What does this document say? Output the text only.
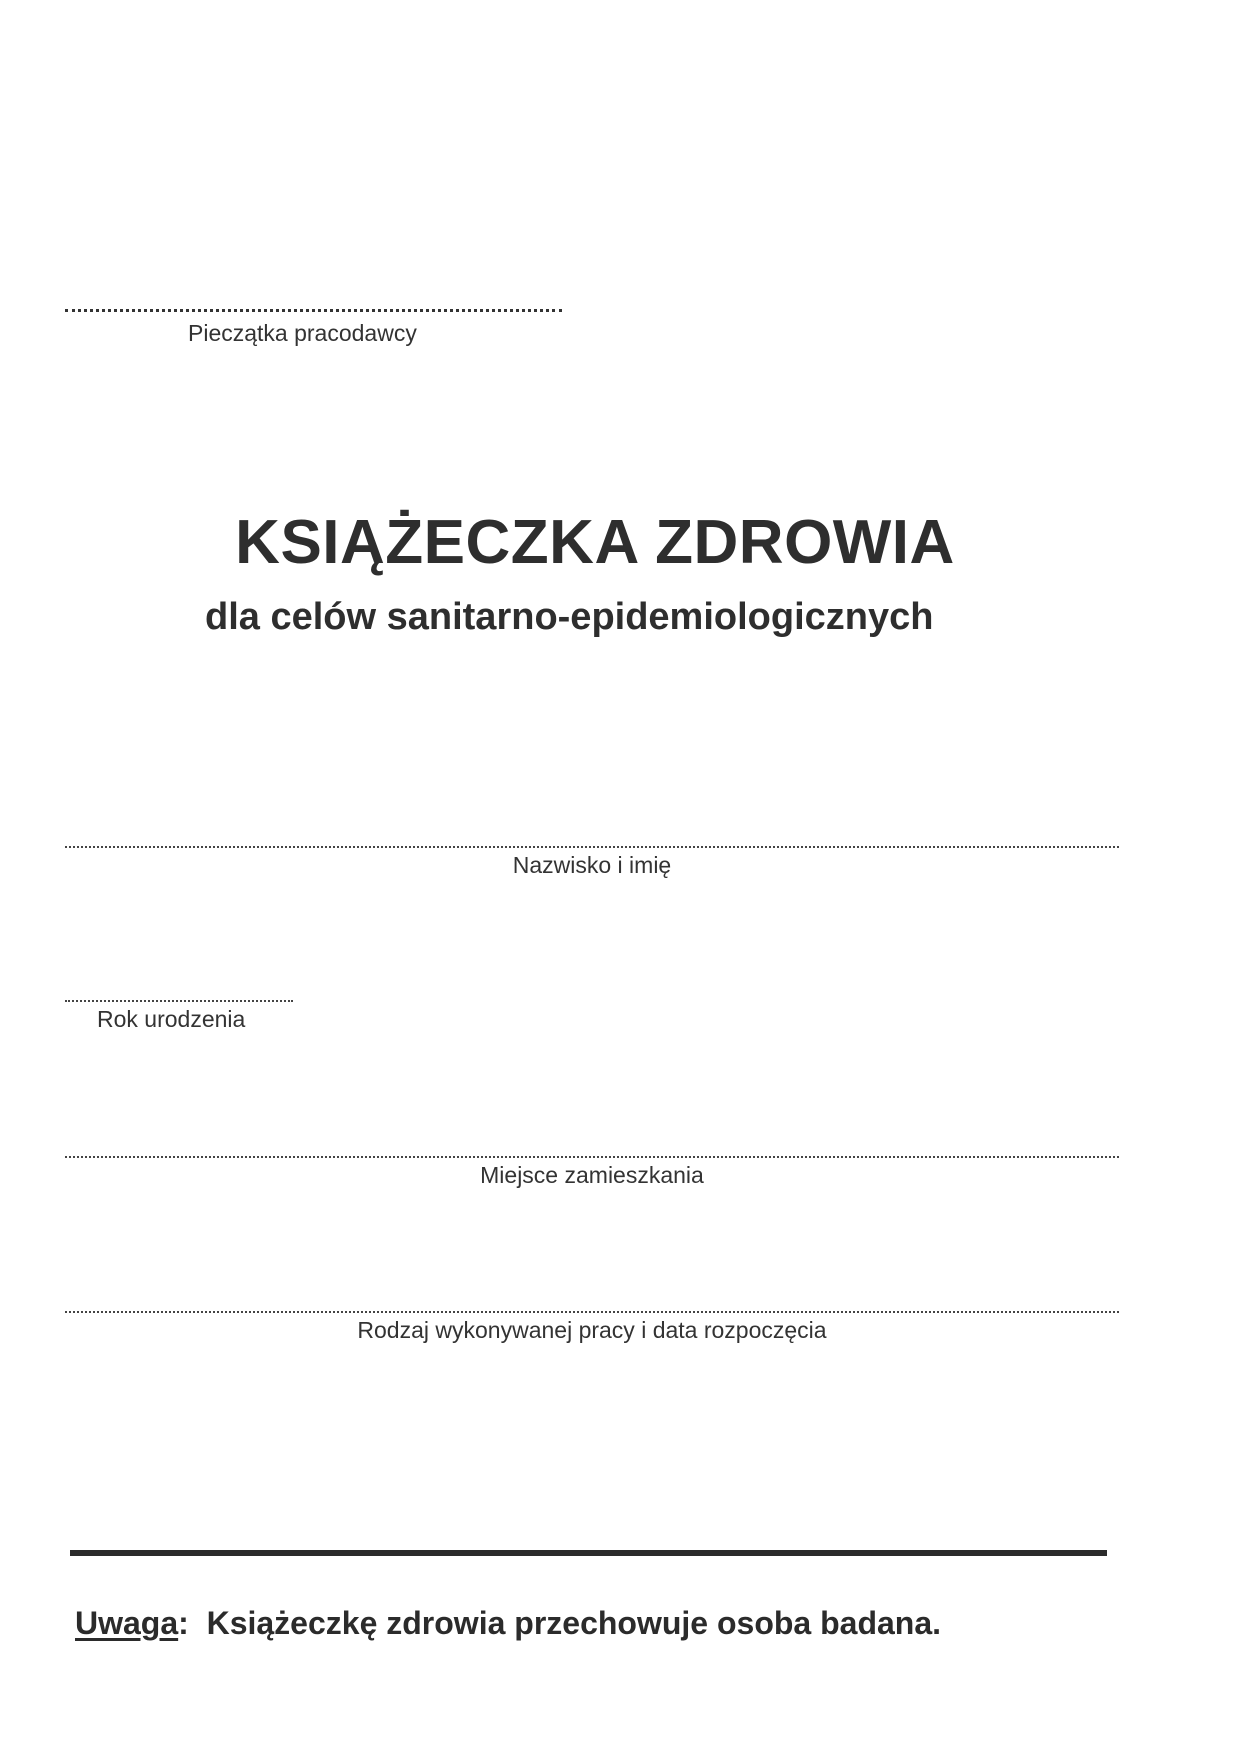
Pieczątka pracodawcy
KSIĄŻECZKA ZDROWIA
dla celów sanitarno-epidemiologicznych
Nazwisko i imię
Rok urodzenia
Miejsce zamieszkania
Rodzaj wykonywanej pracy i data rozpoczęcia
Uwaga: Książeczkę zdrowia przechowuje osoba badana.
